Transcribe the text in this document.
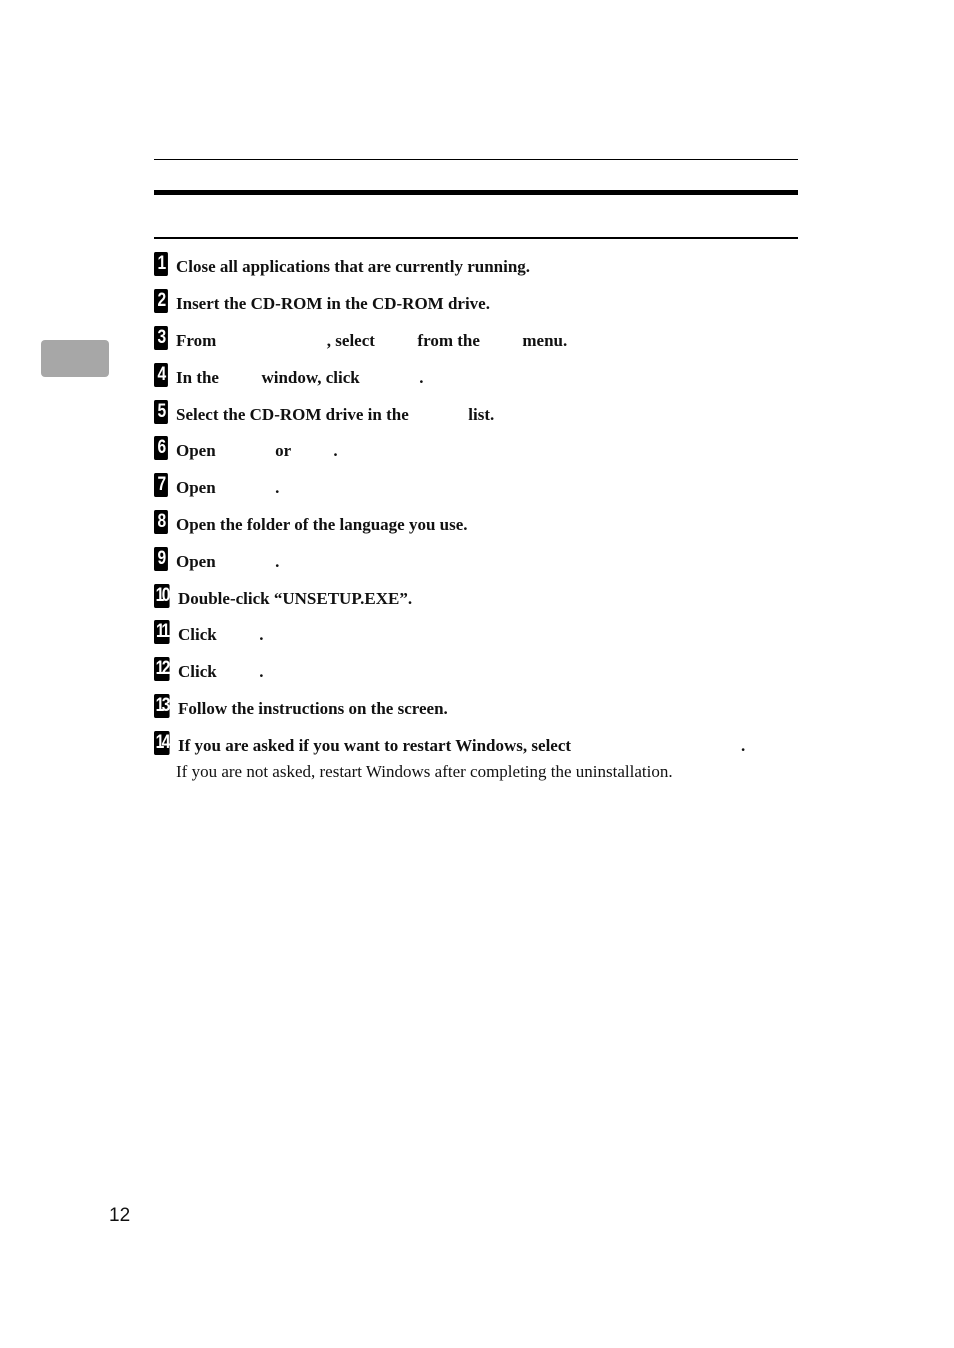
1 Close all applications that are currently running.
2 Insert the CD-ROM in the CD-ROM drive.
3 From                          , select          from the          menu.
4 In the          window, click              .
5 Select the CD-ROM drive in the              list.
6 Open              or          .
7 Open              .
8 Open the folder of the language you use.
9 Open              .
10 Double-click “UNSETUP.EXE”.
11 Click          .
12 Click          .
13 Follow the instructions on the screen.
14 If you are asked if you want to restart Windows, select                                        .
If you are not asked, restart Windows after completing the uninstallation.
12
